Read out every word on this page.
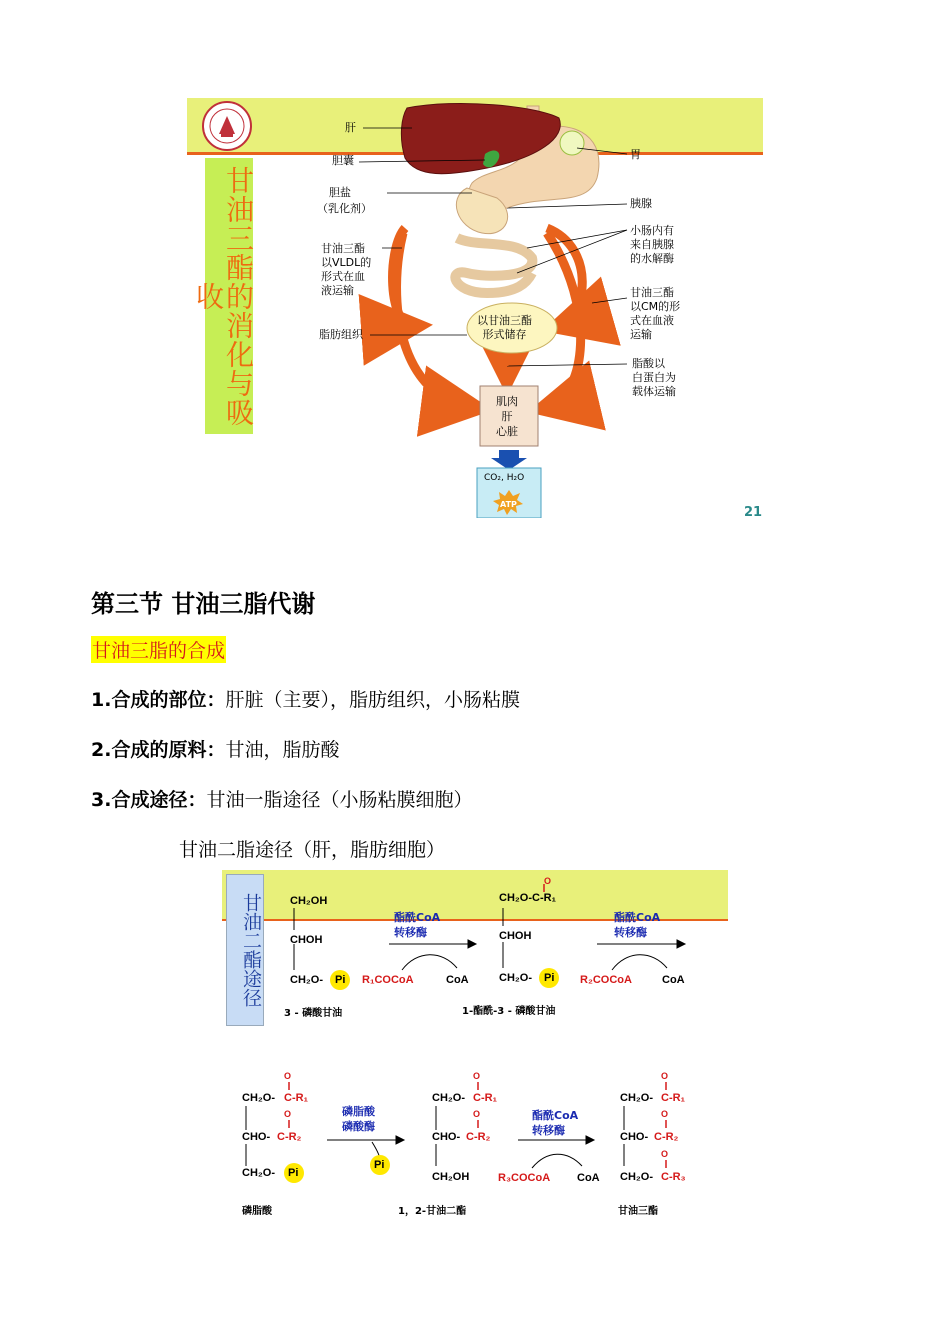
甘油三酯的消化与吸收
肝
胆囊
胆盐
（乳化剂）
甘油三酯
以VLDL的
形式在血
液运输
脂肪组织
胃
胰腺
小肠内有
来自胰腺
的水解酶
甘油三酯
以CM的形
式在血液
运输
脂酸以
白蛋白为
载体运输
以甘油三酯
形式储存
肌肉
肝
心脏
CO₂, H₂O
ATP
21
第三节 甘油三脂代谢
甘油三脂的合成
1.合成的部位：肝脏（主要），脂肪组织，小肠粘膜
2.合成的原料：甘油，脂肪酸
3.合成途径：甘油一脂途径（小肠粘膜细胞）
甘油二脂途径（肝，脂肪细胞）
甘油二酯途径	CH₂OH
CHOH
CH₂O- Pi
3 - 磷酸甘油
酯酰CoA
转移酶
R₁COCoA	CoA
O
CH₂O-C-R₁
CHOH
CH₂O- Pi
1-酯酰-3 - 磷酸甘油
酯酰CoA
转移酶
R₂COCoA	CoA
O
O
CH₂O- C-R₁
CHO- C-R₂
CH₂O- Pi
磷脂酸
磷脂酸
磷酸酶
Pi
O
O
CH₂O- C-R₁
CHO- C-R₂
CH₂OH
1，2-甘油二酯
酯酰CoA
转移酶
R₃COCoA CoA
O
O
O
CH₂O- C-R₁
CHO- C-R₂
CH₂O- C-R₃
甘油三酯
